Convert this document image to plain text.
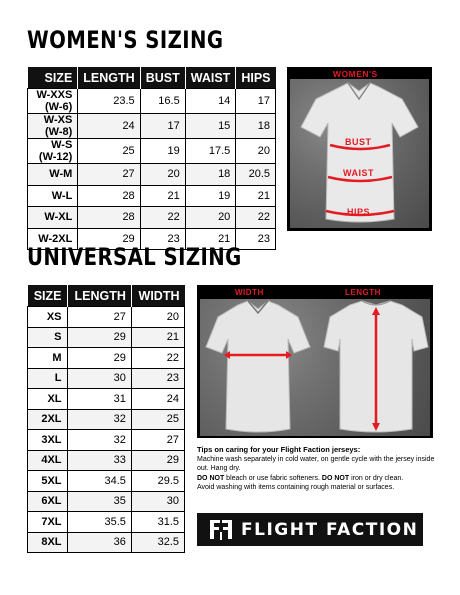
WOMEN'S SIZING
SIZE	LENGTH	BUST	WAIST	HIPS
W-XXS (W-6)	23.5	16.5	14	17
W-XS (W-8)	24	17	15	18
W-S (W-12)	25	19	17.5	20
W-M	27	20	18	20.5
W-L	28	21	19	21
W-XL	28	22	20	22
W-2XL	29	23	21	23
WOMEN'S
BUST
WAIST
HIPS
UNIVERSAL SIZING
SIZE	LENGTH	WIDTH
XS	27	20
S	29	21
M	29	22
L	30	23
XL	31	24
2XL	32	25
3XL	32	27
4XL	33	29
5XL	34.5	29.5
6XL	35	30
7XL	35.5	31.5
8XL	36	32.5
WIDTH	LENGTH
Tips on caring for your Flight Faction jerseys:
Machine wash separately in cold water, on gentle cycle with the jersey inside out. Hang dry.
DO NOT bleach or use fabric softeners. DO NOT iron or dry clean.
Avoid washing with items containing rough material or surfaces.
FLIGHT FACTION
